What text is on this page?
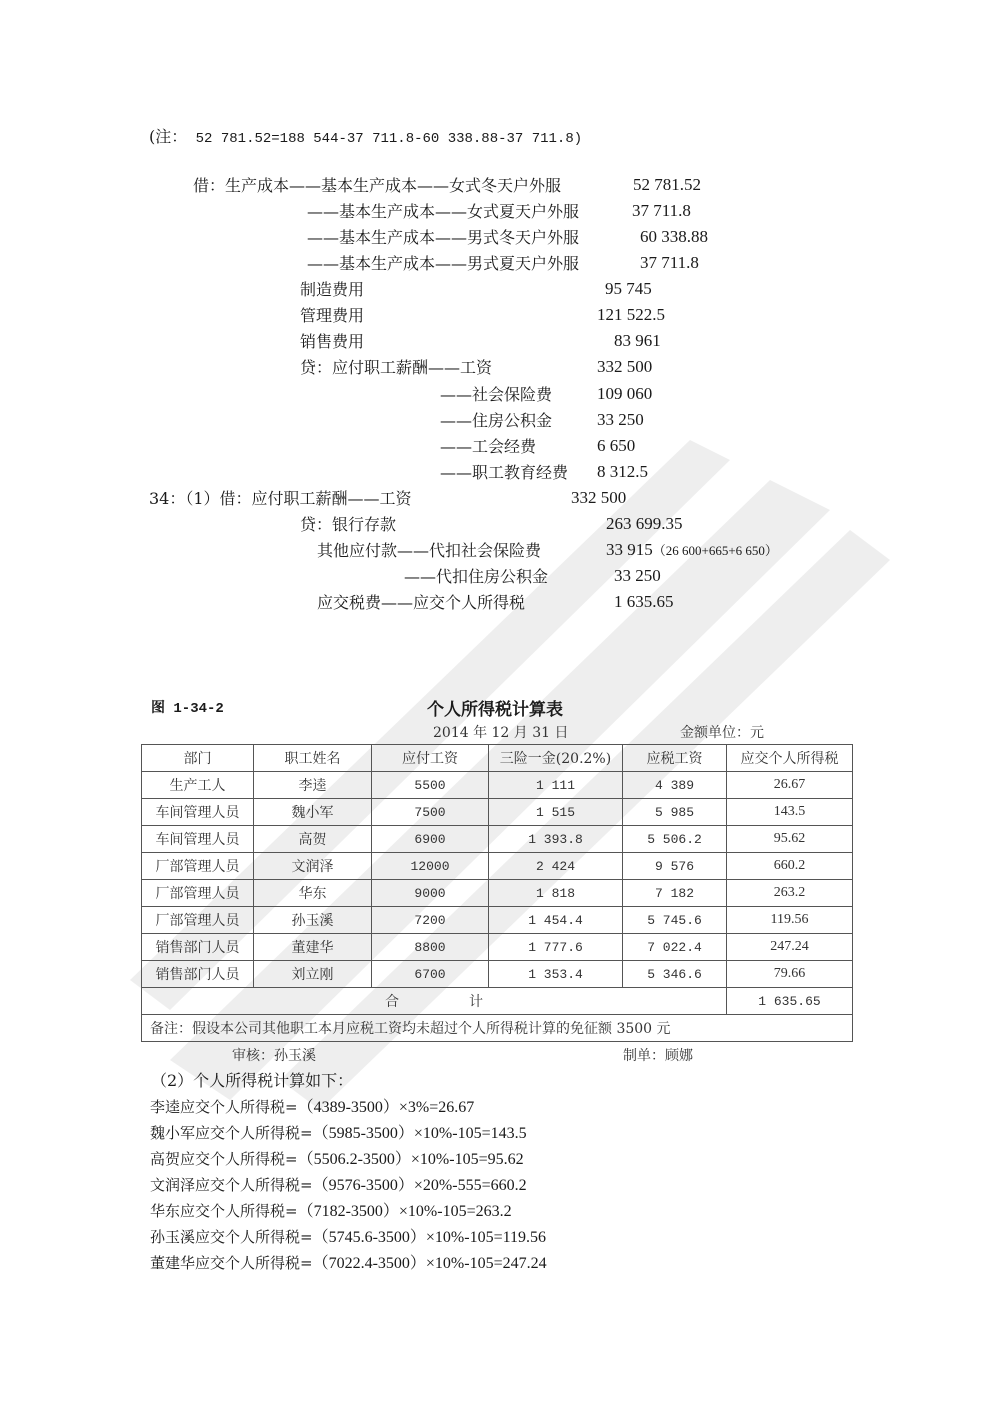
(注： 52 781.52=188 544-37 711.8-60 338.88-37 711.8)
借：生产成本——基本生产成本——女式冬天户外服	52 781.52
——基本生产成本——女式夏天户外服	37 711.8
——基本生产成本——男式冬天户外服	60 338.88
——基本生产成本——男式夏天户外服	37 711.8
制造费用	95 745
管理费用	121 522.5
销售费用	83 961
贷：应付职工薪酬——工资	332 500
——社会保险费	109 060
——住房公积金	33 250
——工会经费	6 650
——职工教育经费 8 312.5
34：（1）借：应付职工薪酬——工资	332 500
贷：银行存款	263 699.35
其他应付款——代扣社会保险费	33 915（26 600+665+6 650）
——代扣住房公积金	33 250
应交税费——应交个人所得税	1 635.65
图 1-34-2	个人所得税计算表
2014 年 12 月 31 日	金额单位：元
部门	职工姓名	应付工资	三险一金(20.2%)	应税工资	应交个人所得税
生产工人	李逵	5500	1 111	4 389	26.67
车间管理人员	魏小军	7500	1 515	5 985	143.5
车间管理人员	高贺	6900	1 393.8	5 506.2	95.62
厂部管理人员	文润泽	12000	2 424	9 576	660.2
厂部管理人员	华东	9000	1 818	7 182	263.2
厂部管理人员	孙玉溪	7200	1 454.4	5 745.6	119.56
销售部门人员	董建华	8800	1 777.6	7 022.4	247.24
销售部门人员	刘立刚	6700	1 353.4	5 346.6	79.66
合　　　　　计					1 635.65
备注：假设本公司其他职工本月应税工资均未超过个人所得税计算的免征额 3500 元					
审核：孙玉溪	制单：顾娜
（2）个人所得税计算如下：
李逵应交个人所得税=（4389-3500）×3%=26.67
魏小军应交个人所得税=（5985-3500）×10%-105=143.5
高贺应交个人所得税=（5506.2-3500）×10%-105=95.62
文润泽应交个人所得税=（9576-3500）×20%-555=660.2
华东应交个人所得税=（7182-3500）×10%-105=263.2
孙玉溪应交个人所得税=（5745.6-3500）×10%-105=119.56
董建华应交个人所得税=（7022.4-3500）×10%-105=247.24
